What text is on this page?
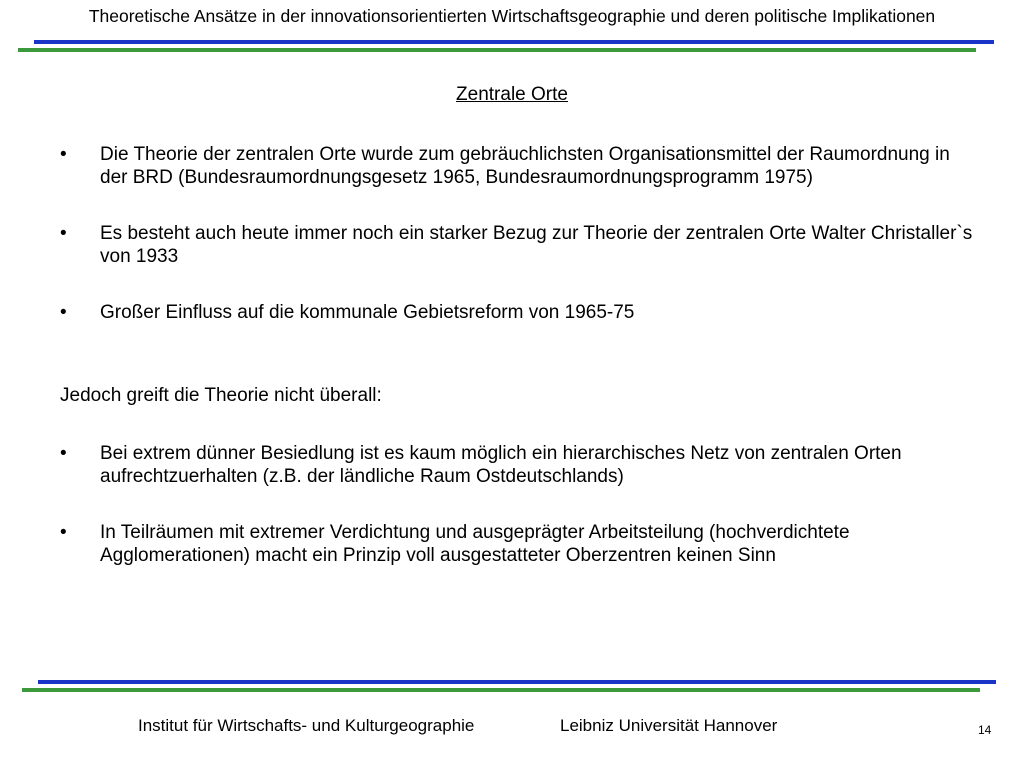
Theoretische Ansätze in der innovationsorientierten Wirtschaftsgeographie und deren politische Implikationen
Zentrale Orte
• Die Theorie der zentralen Orte wurde zum gebräuchlichsten Organisationsmittel der Raumordnung in der BRD (Bundesraumordnungsgesetz 1965, Bundesraumordnungsprogramm 1975)
• Es besteht auch heute immer noch ein starker Bezug zur Theorie der zentralen Orte Walter Christaller`s von 1933
• Großer Einfluss auf die kommunale Gebietsreform von 1965-75

Jedoch greift die Theorie nicht überall:

• Bei extrem dünner Besiedlung ist es kaum möglich ein hierarchisches Netz von zentralen Orten aufrechtzuerhalten (z.B. der ländliche Raum Ostdeutschlands)
• In Teilräumen mit extremer Verdichtung und ausgeprägter Arbeitsteilung (hochverdichtete Agglomerationen) macht ein Prinzip voll ausgestatteter Oberzentren keinen Sinn
Institut für Wirtschafts- und Kulturgeographie	Leibniz Universität Hannover	14
